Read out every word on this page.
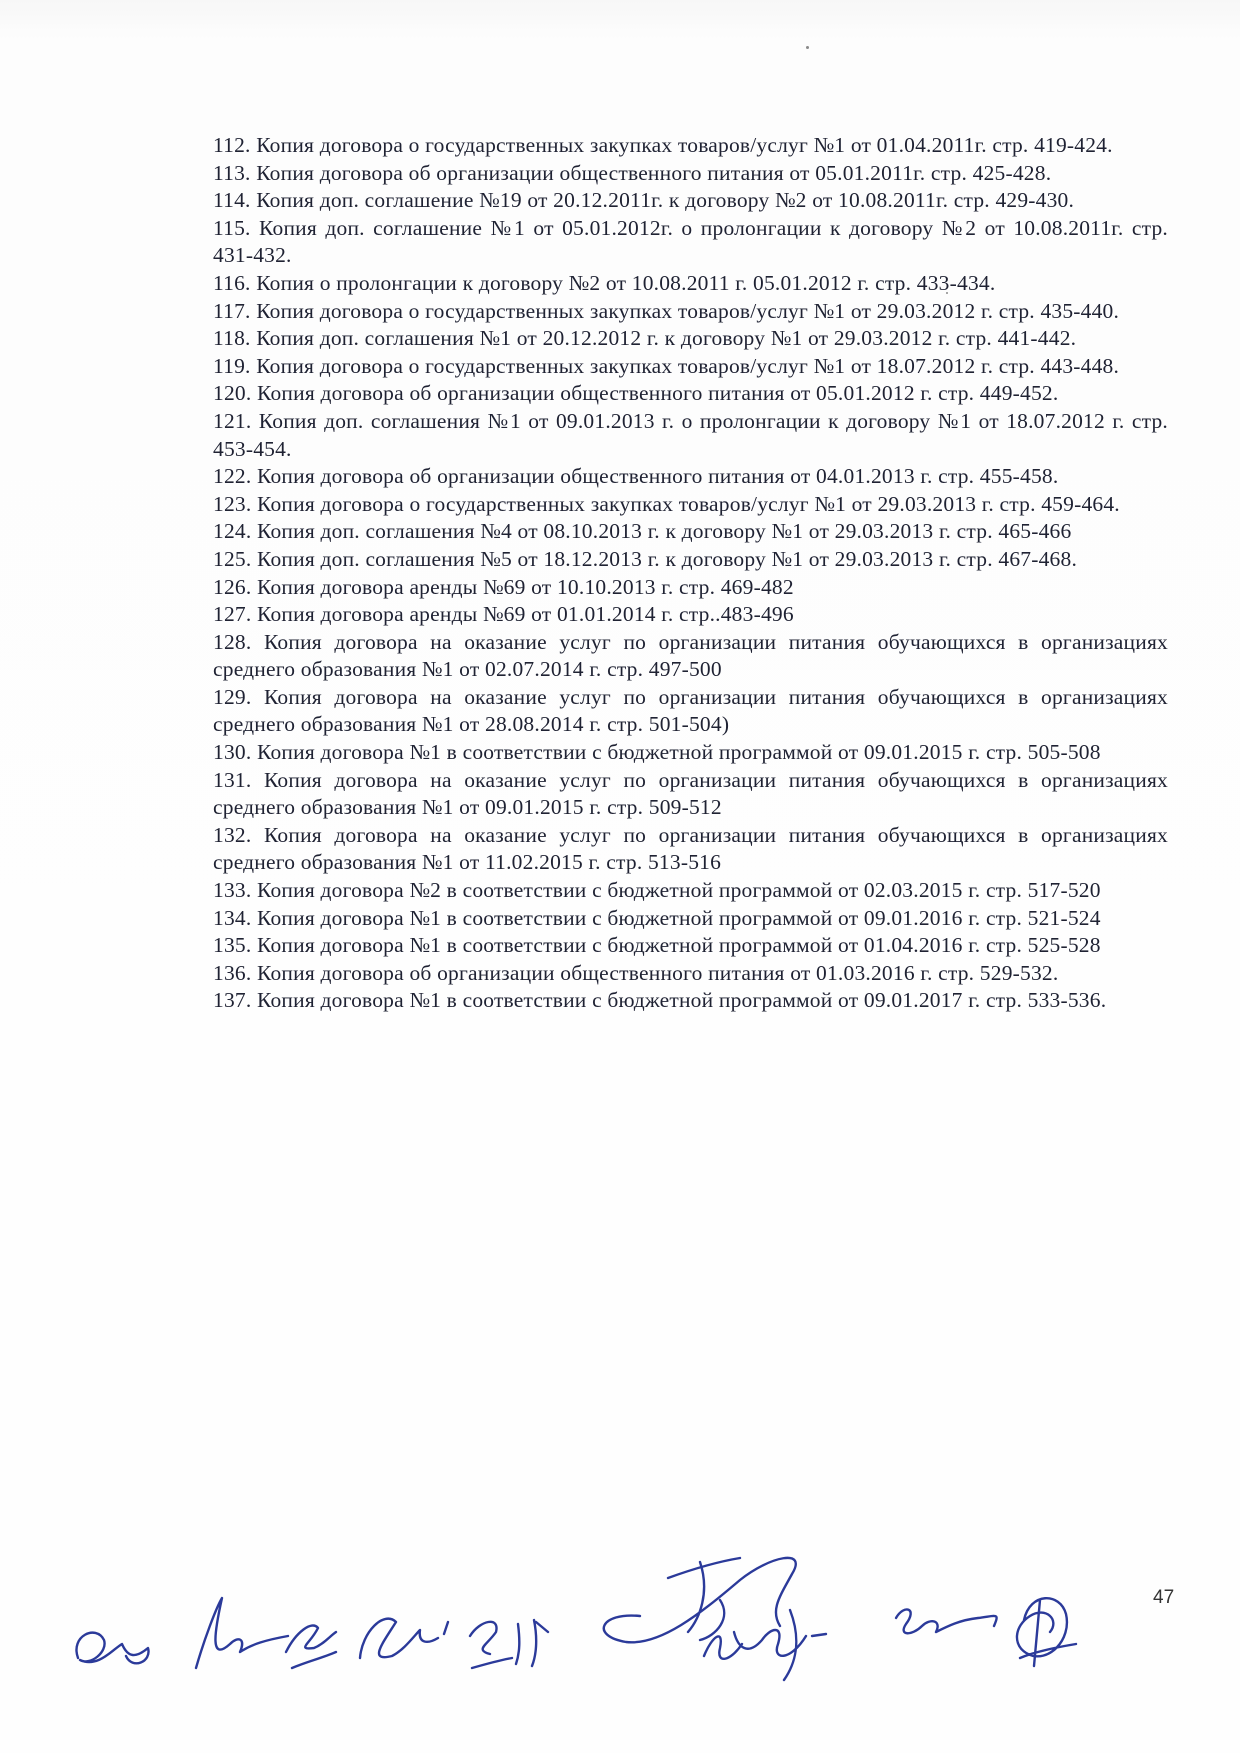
112. Копия договора о государственных закупках товаров/услуг №1 от 01.04.2011г. стр. 419-424.

113. Копия договора об организации общественного питания от 05.01.2011г. стр. 425-428.

114. Копия доп. соглашение №19 от 20.12.2011г. к договору №2 от 10.08.2011г. стр. 429-430.

115. Копия доп. соглашение №1 от 05.01.2012г. о пролонгации к договору №2 от 10.08.2011г. стр. 431-432.

116. Копия о пролонгации к договору №2 от 10.08.2011 г. 05.01.2012 г. стр. 433-434.

117. Копия договора о государственных закупках товаров/услуг №1 от 29.03.2012 г. стр. 435-440.

118. Копия доп. соглашения №1 от 20.12.2012 г. к договору №1 от 29.03.2012 г. стр. 441-442.

119. Копия договора о государственных закупках товаров/услуг №1 от 18.07.2012 г. стр. 443-448.

120. Копия договора об организации общественного питания от 05.01.2012 г. стр. 449-452.

121. Копия доп. соглашения №1 от 09.01.2013 г. о пролонгации к договору №1 от 18.07.2012 г. стр. 453-454.

122. Копия договора об организации общественного питания от 04.01.2013 г. стр. 455-458.

123. Копия договора о государственных закупках товаров/услуг №1 от 29.03.2013 г. стр. 459-464.

124. Копия доп. соглашения №4 от 08.10.2013 г. к договору №1 от 29.03.2013 г. стр. 465-466

125. Копия доп. соглашения №5 от 18.12.2013 г. к договору №1 от 29.03.2013 г. стр. 467-468.

126. Копия договора аренды №69 от 10.10.2013 г. стр. 469-482

127. Копия договора аренды №69 от 01.01.2014 г. стр..483-496

128. Копия договора на оказание услуг по организации питания обучающихся в организациях среднего образования №1 от 02.07.2014 г. стр. 497-500

129. Копия договора на оказание услуг по организации питания обучающихся в организациях среднего образования №1 от 28.08.2014 г. стр. 501-504)

130. Копия договора №1 в соответствии с бюджетной программой от 09.01.2015 г. стр. 505-508

131. Копия договора на оказание услуг по организации питания обучающихся в организациях среднего образования №1 от 09.01.2015 г. стр. 509-512

132. Копия договора на оказание услуг по организации питания обучающихся в организациях среднего образования №1 от 11.02.2015 г. стр. 513-516

133. Копия договора №2 в соответствии с бюджетной программой от 02.03.2015 г. стр. 517-520

134. Копия договора №1 в соответствии с бюджетной программой от 09.01.2016 г. стр. 521-524

135. Копия договора №1 в соответствии с бюджетной программой от 01.04.2016 г. стр. 525-528

136. Копия договора об организации общественного питания от 01.03.2016 г. стр. 529-532.

137. Копия договора №1 в соответствии с бюджетной программой от 09.01.2017 г. стр. 533-536.

47
